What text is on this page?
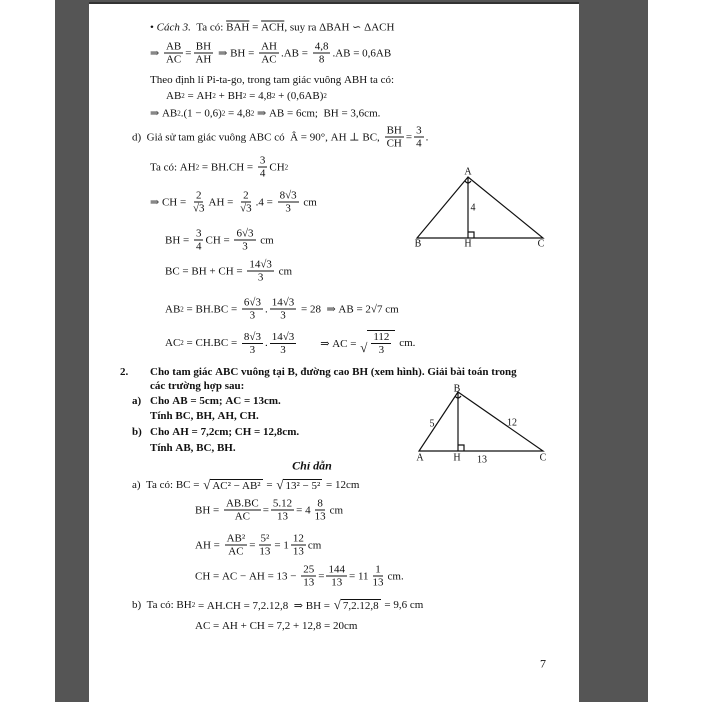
• Cách 3. Ta có: $\overline{BAH} = \overline{ACH}$ , suy ra ΔBAH ∽ ΔACH
⇒ $\frac{AB}{AC} = \frac{BH}{AH}$ ⇒ BH = $\frac{AH}{AC} .AB = \frac{4,8}{8} .AB = 0,6AB$
Theo định lí Pi-ta-go, trong tam giác vuông ABH ta có:
AB 2 = AH 2 + BH 2 = 4,8 2 + (0,6AB) 2
⇒ AB 2 .(1 − 0,6) 2 = 4,8 2 ⇒ AB = 6cm;  BH = 3,6cm.
d)  Giả sử tam giác vuông ABC có  Â = 90°, AH ⊥ BC, $\frac{BH}{CH} = \frac{3}{4}$ .
Ta có: AH $2 = BH.CH = \frac{3}{4}$ CH 2
⇒ CH = $\frac{2}{√3}$ AH = $\frac{2}{√3} .4 = \frac{8√3}{3}$ cm
BH = $\frac{3}{4}$ CH = $\frac{6√3}{3}$ cm
BC = BH + CH = $\frac{14√3}{3}$ cm
AB $2 = BH.BC = \frac{6√3}{3}$ . $\frac{14√3}{3} = 28$  ⇒ AB = 2√7 cm
AC $2 = CH.BC = \frac{8√3}{3}$ . $\frac{14√3}{3}$ ⇒ AC = √ $\frac{112}{3}$ cm.
2. Cho tam giác ABC vuông tại B, đường cao BH (xem hình). Giải bài toán trong
các trường hợp sau:
a) Cho AB = 5cm; AC = 13cm.
Tính BC, BH, AH, CH.
b) Cho AH = 7,2cm; CH = 12,8cm.
Tính AB, BC, BH.
Chỉ dẫn
a)  Ta có: BC = √ AC² − AB² = √ 13² − 5² = 12cm
BH = $\frac{AB.BC}{AC} = \frac{5.12}{13} = 4 \frac{8}{13}$ cm
AH = $\frac{\text{AB²}}{AC} = \frac{\text{5²}}{13} = 1 \frac{12}{13}$ cm
CH = AC − AH = $13 - \frac{25}{13} = \frac{144}{13} = 11 \frac{1}{13}$ cm.
b)  Ta có: BH 2 = AH.CH = 7,2.12,8  ⇒ BH = √ 7,2.12,8 = 9,6 cm
AC = AH + CH = 7,2 + 12,8 = 20cm
7
A
B	H	C
4
B
A	H	C
5	12
13
